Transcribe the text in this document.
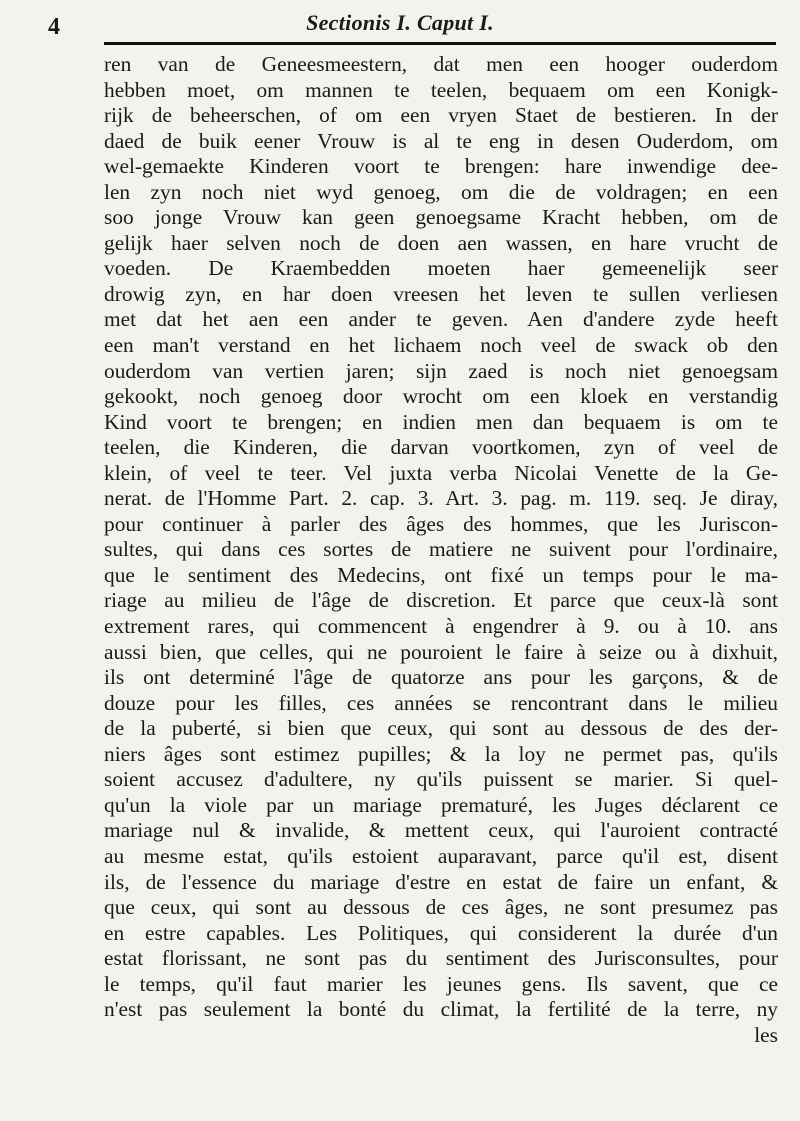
4	Sectionis I. Caput I.
ren van de Geneesmeestern, dat men een hooger ouderdom
hebben moet, om mannen te teelen, bequaem om een Konigk-
rijk de beheerschen, of om een vryen Staet de bestieren. In der
daed de buik eener Vrouw is al te eng in desen Ouderdom, om
wel-gemaekte Kinderen voort te brengen: hare inwendige dee-
len zyn noch niet wyd genoeg, om die de voldragen; en een
soo jonge Vrouw kan geen genoegsame Kracht hebben, om de
gelijk haer selven noch de doen aen wassen, en hare vrucht de
voeden. De Kraembedden moeten haer gemeenelijk seer
drowig zyn, en har doen vreesen het leven te sullen verliesen
met dat het aen een ander te geven. Aen d'andere zyde heeft
een man't verstand en het lichaem noch veel de swack ob den
ouderdom van vertien jaren; sijn zaed is noch niet genoegsam
gekookt, noch genoeg door wrocht om een kloek en verstandig
Kind voort te brengen; en indien men dan bequaem is om te
teelen, die Kinderen, die darvan voortkomen, zyn of veel de
klein, of veel te teer. Vel juxta verba Nicolai Venette de la Ge-
nerat. de l'Homme Part. 2. cap. 3. Art. 3. pag. m. 119. seq. Je diray,
pour continuer à parler des âges des hommes, que les Juriscon-
sultes, qui dans ces sortes de matiere ne suivent pour l'ordinaire,
que le sentiment des Medecins, ont fixé un temps pour le ma-
riage au milieu de l'âge de discretion. Et parce que ceux-là sont
extrement rares, qui commencent à engendrer à 9. ou à 10. ans
aussi bien, que celles, qui ne pouroient le faire à seize ou à dixhuit,
ils ont determiné l'âge de quatorze ans pour les garçons, & de
douze pour les filles, ces années se rencontrant dans le milieu
de la puberté, si bien que ceux, qui sont au dessous de des der-
niers âges sont estimez pupilles; & la loy ne permet pas, qu'ils
soient accusez d'adultere, ny qu'ils puissent se marier. Si quel-
qu'un la viole par un mariage prematuré, les Juges déclarent ce
mariage nul & invalide, & mettent ceux, qui l'auroient contracté
au mesme estat, qu'ils estoient auparavant, parce qu'il est, disent
ils, de l'essence du mariage d'estre en estat de faire un enfant, &
que ceux, qui sont au dessous de ces âges, ne sont presumez pas
en estre capables. Les Politiques, qui considerent la durée d'un
estat florissant, ne sont pas du sentiment des Jurisconsultes, pour
le temps, qu'il faut marier les jeunes gens. Ils savent, que ce
n'est pas seulement la bonté du climat, la fertilité de la terre, ny
les
